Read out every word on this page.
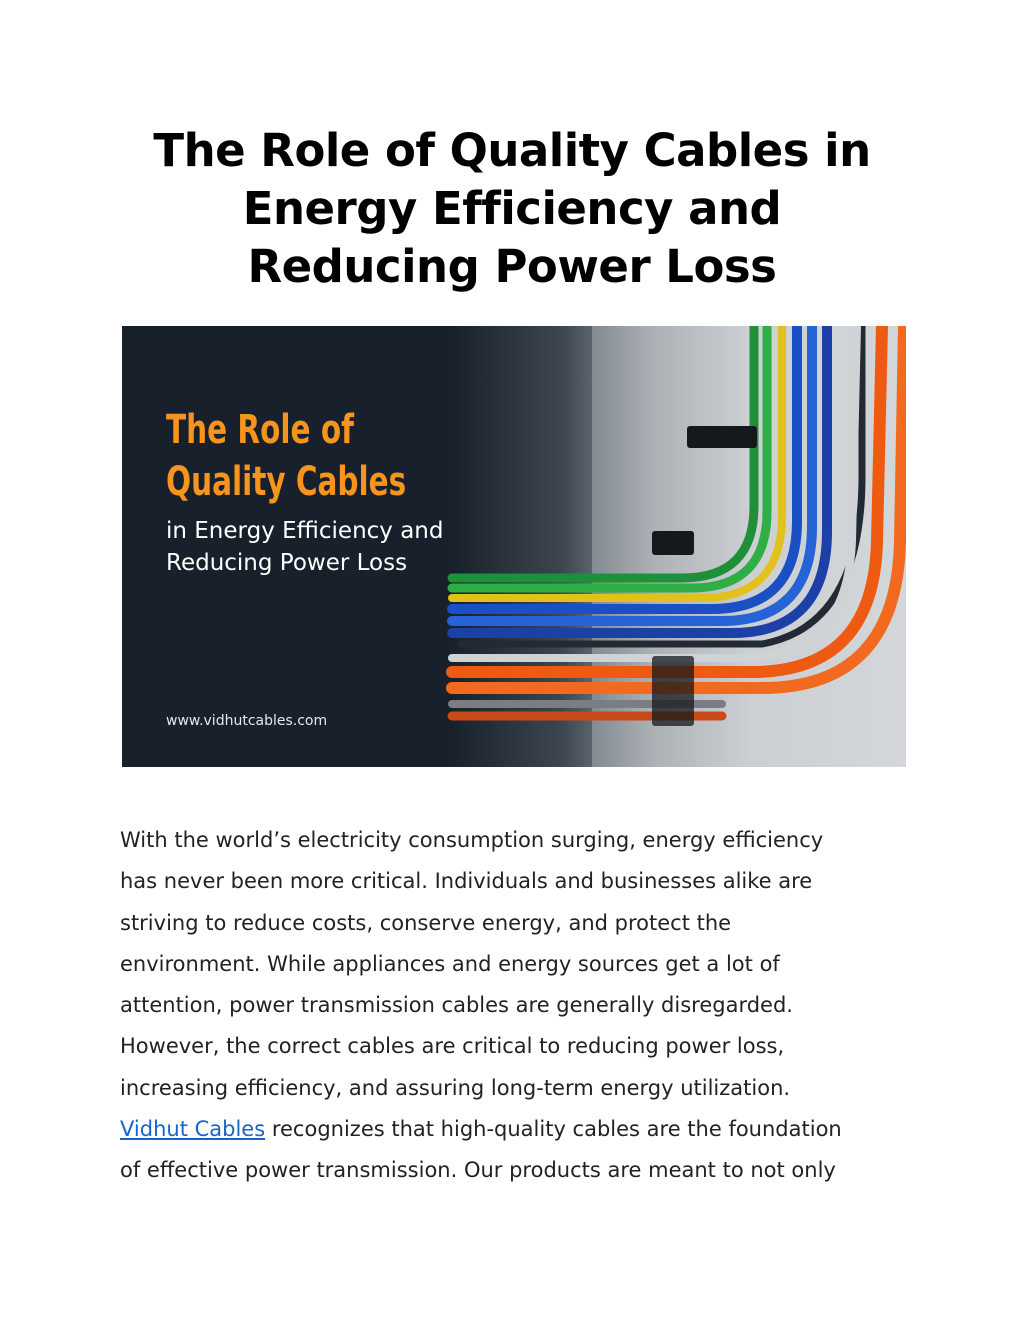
The Role of Quality Cables in
Energy Efficiency and
Reducing Power Loss
The Role of
Quality Cables
in Energy Efficiency and
Reducing Power Loss
www.vidhutcables.com

With the world’s electricity consumption surging, energy efficiency
has never been more critical. Individuals and businesses alike are
striving to reduce costs, conserve energy, and protect the
environment. While appliances and energy sources get a lot of
attention, power transmission cables are generally disregarded.
However, the correct cables are critical to reducing power loss,
increasing efficiency, and assuring long-term energy utilization.
Vidhut Cables recognizes that high-quality cables are the foundation
of effective power transmission. Our products are meant to not only
